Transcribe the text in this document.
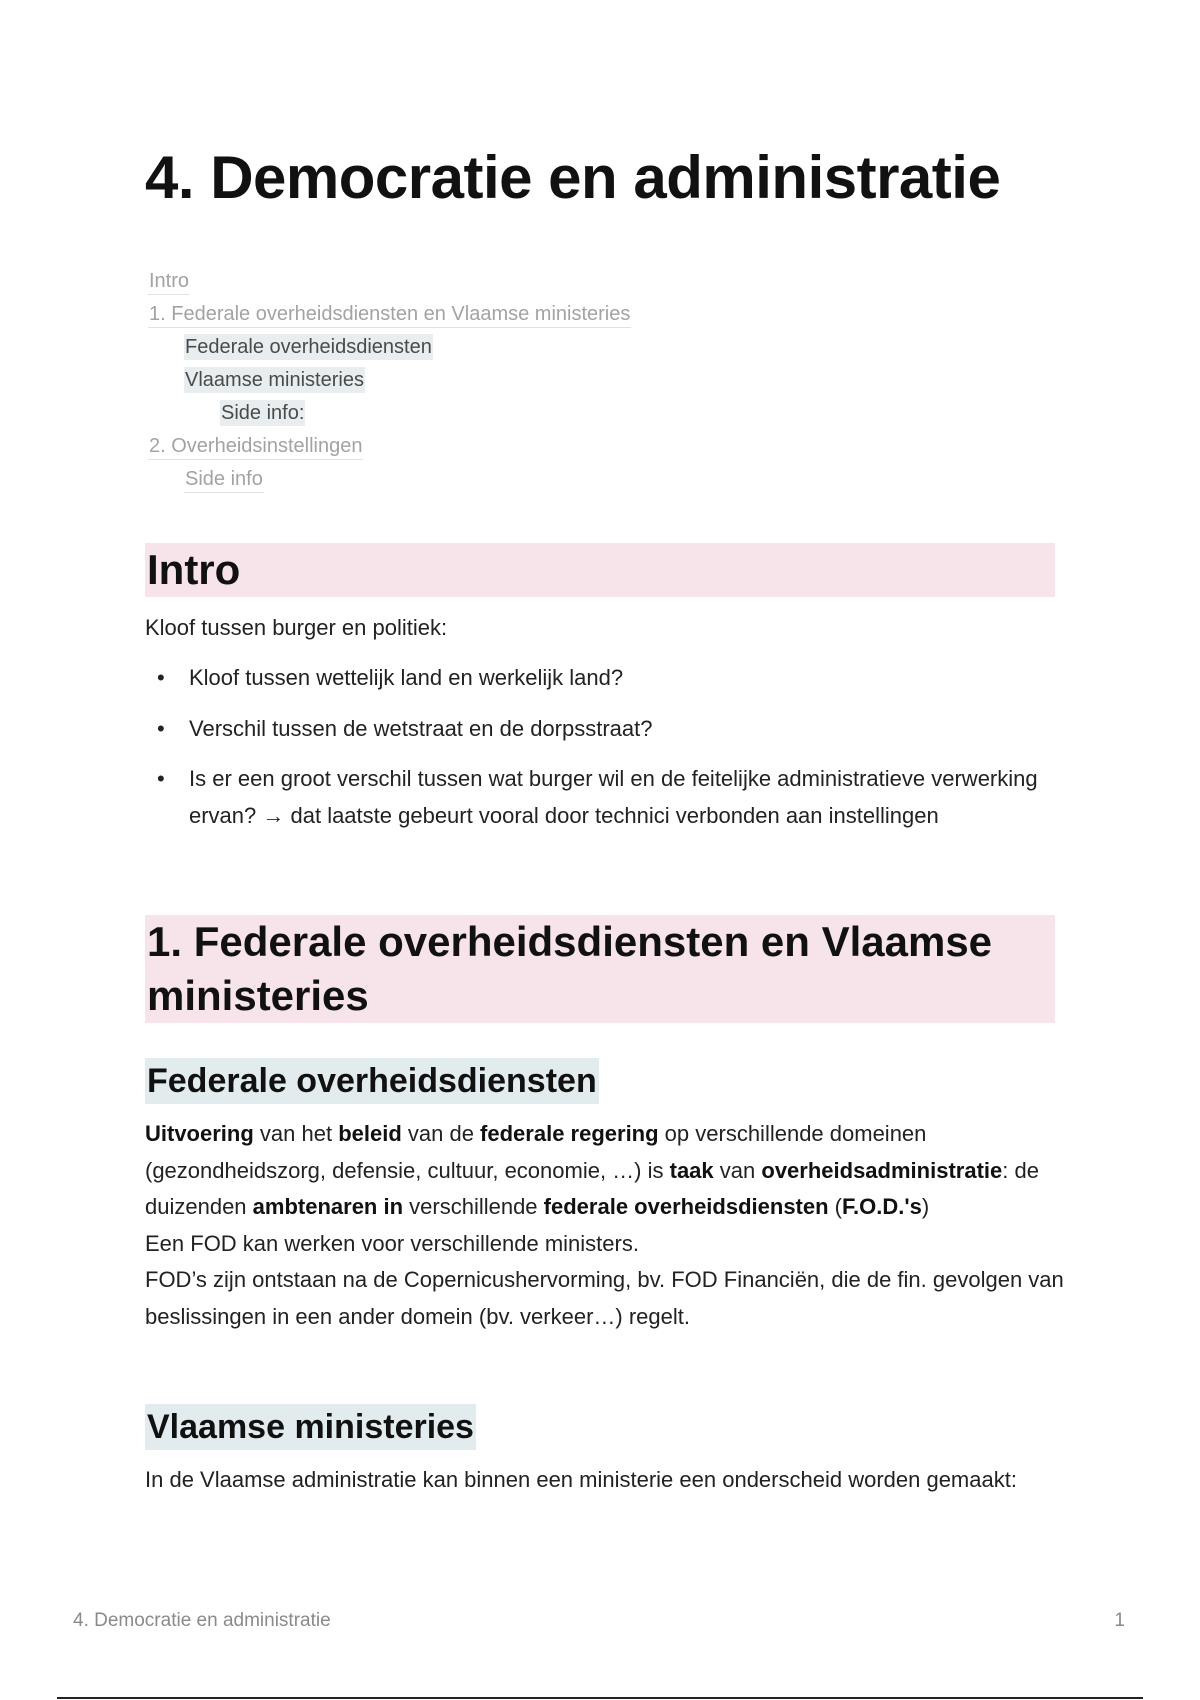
4. Democratie en administratie
Intro
1. Federale overheidsdiensten en Vlaamse ministeries
Federale overheidsdiensten
Vlaamse ministeries
Side info:
2. Overheidsinstellingen
Side info
Intro

Kloof tussen burger en politiek:

• Kloof tussen wettelijk land en werkelijk land?
• Verschil tussen de wetstraat en de dorpsstraat?
• Is er een groot verschil tussen wat burger wil en de feitelijke administratieve verwerking ervan? → dat laatste gebeurt vooral door technici verbonden aan instellingen
1. Federale overheidsdiensten en Vlaamse ministeries
Federale overheidsdiensten

Uitvoering van het beleid van de federale regering op verschillende domeinen (gezondheidszorg, defensie, cultuur, economie, …) is taak van overheidsadministratie: de duizenden ambtenaren in verschillende federale overheidsdiensten (F.O.D.'s)
Een FOD kan werken voor verschillende ministers.
FOD’s zijn ontstaan na de Copernicushervorming, bv. FOD Financiën, die de fin. gevolgen van beslissingen in een ander domein (bv. verkeer…) regelt.

Vlaamse ministeries

In de Vlaamse administratie kan binnen een ministerie een onderscheid worden gemaakt:

4. Democratie en administratie	1
